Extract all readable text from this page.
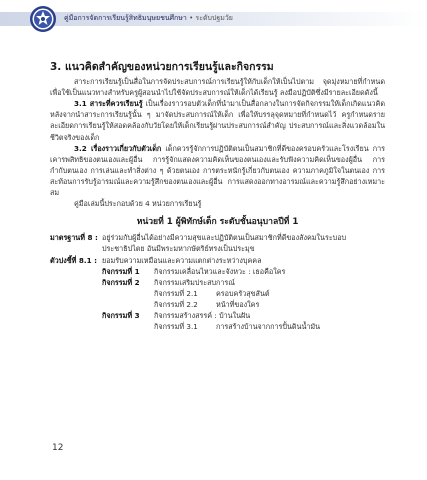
คู่มือการจัดการเรียนรู้สิทธิมนุษยชนศึกษา • ระดับปฐมวัย
3. แนวคิดสำคัญของหน่วยการเรียนรู้และกิจกรรม

สาระการเรียนรู้เป็นสื่อในการจัดประสบการณ์การเรียนรู้ให้กับเด็กให้เป็นไปตาม จุดมุ่งหมายที่กำหนด เพื่อใช้เป็นแนวทางสำหรับครูผู้สอนนำไปใช้จัดประสบการณ์ให้เด็กได้เรียนรู้ ลงมือปฏิบัติซึ่งมีรายละเอียดดังนี้

3.1 สาระที่ควรเรียนรู้ เป็นเรื่องราวรอบตัวเด็กที่นำมาเป็นสื่อกลางในการจัดกิจกรรมให้เด็กเกิดแนวคิดหลังจากนำสาระการเรียนรู้นั้น ๆ มาจัดประสบการณ์ให้เด็ก เพื่อให้บรรลุจุดหมายที่กำหนดไว้ ครูกำหนดรายละเอียดการเรียนรู้ให้สอดคล้องกับวัยโดยให้เด็กเรียนรู้ผ่านประสบการณ์สำคัญ ประสบการณ์และสิ่งแวดล้อมในชีวิตจริงของเด็ก

3.2 เรื่องราวเกี่ยวกับตัวเด็ก เด็กควรรู้จักการปฏิบัติตนเป็นสมาชิกที่ดีของครอบครัวและโรงเรียน การเคารพสิทธิของตนเองและผู้อื่น การรู้จักแสดงความคิดเห็นของตนเองและรับฟังความคิดเห็นของผู้อื่น การกำกับตนเอง การเล่นและทำสิ่งต่าง ๆ ด้วยตนเอง การตระหนักรู้เกี่ยวกับตนเอง ความภาคภูมิใจในตนเอง การสะท้อนการรับรู้อารมณ์และความรู้สึกของตนเองและผู้อื่น การแสดงออกทางอารมณ์และความรู้สึกอย่างเหมาะสม

คู่มือเล่มนี้ประกอบด้วย 4 หน่วยการเรียนรู้

หน่วยที่ 1 ผู้พิทักษ์เด็ก ระดับชั้นอนุบาลปีที่ 1
มาตรฐานที่ 8 : อยู่ร่วมกับผู้อื่นได้อย่างมีความสุขและปฏิบัติตนเป็นสมาชิกที่ดีของสังคมในระบอบประชาธิปไตย อันมีพระมหากษัตริย์ทรงเป็นประมุข
ตัวบ่งชี้ที่ 8.1 : ยอมรับความเหมือนและความแตกต่างระหว่างบุคคล
กิจกรรมที่ 1	กิจกรรมเคลื่อนไหวและจังหวะ : เธอคือใคร
กิจกรรมที่ 2	กิจกรรมเสริมประสบการณ์
กิจกรรมที่ 2.1	ครอบครัวสุขสันต์
กิจกรรมที่ 2.2	หน้าที่ของใคร
กิจกรรมที่ 3	กิจกรรมสร้างสรรค์ : บ้านในฝัน
กิจกรรมที่ 3.1	การสร้างบ้านจากการปั้นดินน้ำมัน
12
